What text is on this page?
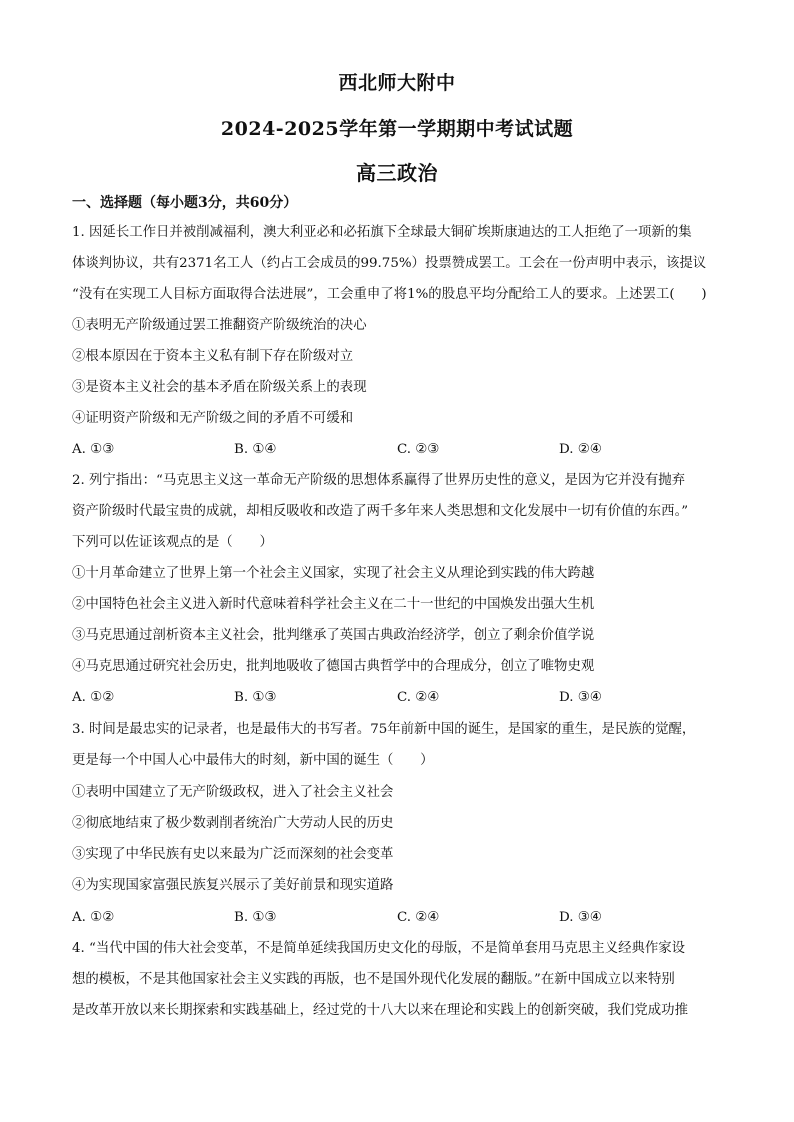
西北师大附中
2024-2025学年第一学期期中考试试题
高三政治
一、选择题（每小题3分，共60分）
1. 因延长工作日并被削减福利，澳大利亚必和必拓旗下全球最大铜矿埃斯康迪达的工人拒绝了一项新的集
体谈判协议，共有2371名工人（约占工会成员的99.75%）投票赞成罢工。工会在一份声明中表示，该提议
“没有在实现工人目标方面取得合法进展”，工会重申了将1%的股息平均分配给工人的要求。上述罢工(　　)
①表明无产阶级通过罢工推翻资产阶级统治的决心
②根本原因在于资本主义私有制下存在阶级对立
③是资本主义社会的基本矛盾在阶级关系上的表现
④证明资产阶级和无产阶级之间的矛盾不可缓和
A. ①③	B. ①④	C. ②③	D. ②④
2. 列宁指出：“马克思主义这一革命无产阶级的思想体系赢得了世界历史性的意义，是因为它并没有抛弃
资产阶级时代最宝贵的成就，却相反吸收和改造了两千多年来人类思想和文化发展中一切有价值的东西。”
下列可以佐证该观点的是（　　）
①十月革命建立了世界上第一个社会主义国家，实现了社会主义从理论到实践的伟大跨越
②中国特色社会主义进入新时代意味着科学社会主义在二十一世纪的中国焕发出强大生机
③马克思通过剖析资本主义社会，批判继承了英国古典政治经济学，创立了剩余价值学说
④马克思通过研究社会历史，批判地吸收了德国古典哲学中的合理成分，创立了唯物史观
A. ①②	B. ①③	C. ②④	D. ③④
3. 时间是最忠实的记录者，也是最伟大的书写者。75年前新中国的诞生，是国家的重生，是民族的觉醒，
更是每一个中国人心中最伟大的时刻，新中国的诞生（　　）
①表明中国建立了无产阶级政权，进入了社会主义社会
②彻底地结束了极少数剥削者统治广大劳动人民的历史
③实现了中华民族有史以来最为广泛而深刻的社会变革
④为实现国家富强民族复兴展示了美好前景和现实道路
A. ①②	B. ①③	C. ②④	D. ③④
4. “当代中国的伟大社会变革，不是简单延续我国历史文化的母版，不是简单套用马克思主义经典作家设
想的模板，不是其他国家社会主义实践的再版，也不是国外现代化发展的翻版。”在新中国成立以来特别
是改革开放以来长期探索和实践基础上，经过党的十八大以来在理论和实践上的创新突破，我们党成功推
